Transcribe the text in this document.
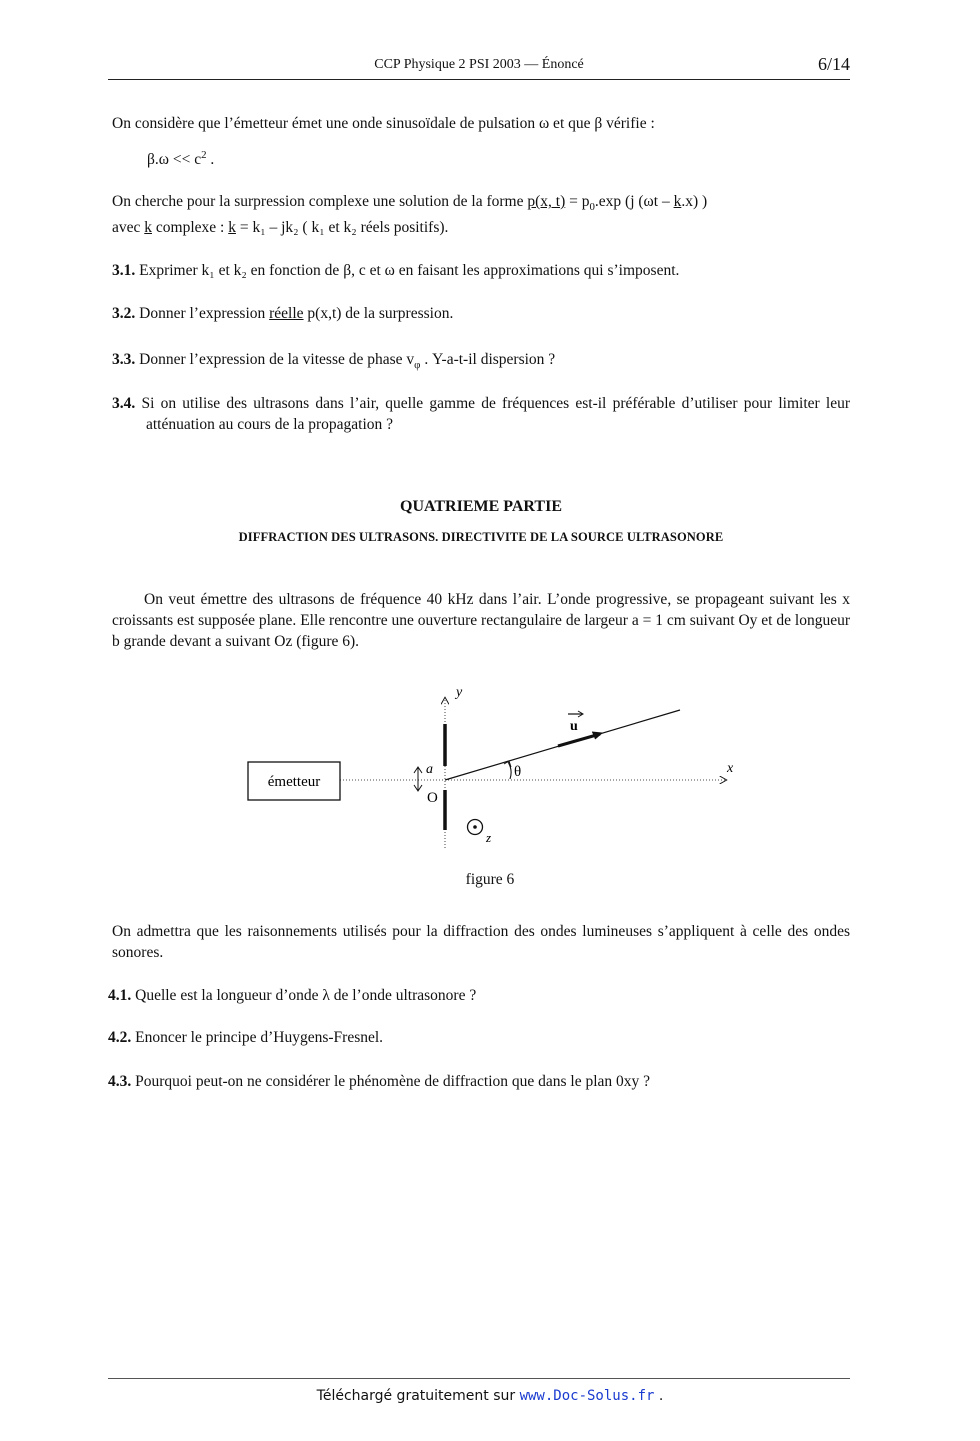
CCP Physique 2 PSI 2003 — Énoncé	6/14

On considère que l’émetteur émet une onde sinusoïdale de pulsation ω et que β vérifie :

$\beta.\omega << c^2$ .

On cherche pour la surpression complexe une solution de la forme p(x, $t) = p_0.\exp$ (j (ωt – k.x) )

avec k complexe : k = k₁ – jk₂ ( k₁ et k₂ réels positifs).

3.1. Exprimer k₁ et k₂ en fonction de β, c et ω en faisant les approximations qui s’imposent.

3.2. Donner l’expression réelle p(x,t) de la surpression.

3.3. Donner l’expression de la vitesse de phase $v_\varphi$ . Y-a-t-il dispersion ?

3.4. Si on utilise des ultrasons dans l’air, quelle gamme de fréquences est-il préférable d’utiliser pour limiter leur atténuation au cours de la propagation ?

QUATRIEME PARTIE
DIFFRACTION DES ULTRASONS. DIRECTIVITE DE LA SOURCE ULTRASONORE

On veut émettre des ultrasons de fréquence 40 kHz dans l’air. L’onde progressive, se propageant suivant les x croissants est supposée plane. Elle rencontre une ouverture rectangulaire de largeur a = 1 cm suivant Oy et de longueur b grande devant a suivant Oz (figure 6).

émetteur
x
y
a
O
u
θ
z
figure 6

On admettra que les raisonnements utilisés pour la diffraction des ondes lumineuses s’appliquent à celle des ondes sonores.

4.1. Quelle est la longueur d’onde λ de l’onde ultrasonore ?

4.2. Enoncer le principe d’Huygens-Fresnel.

4.3. Pourquoi peut-on ne considérer le phénomène de diffraction que dans le plan 0xy ?

Téléchargé gratuitement sur www.Doc-Solus.fr .
